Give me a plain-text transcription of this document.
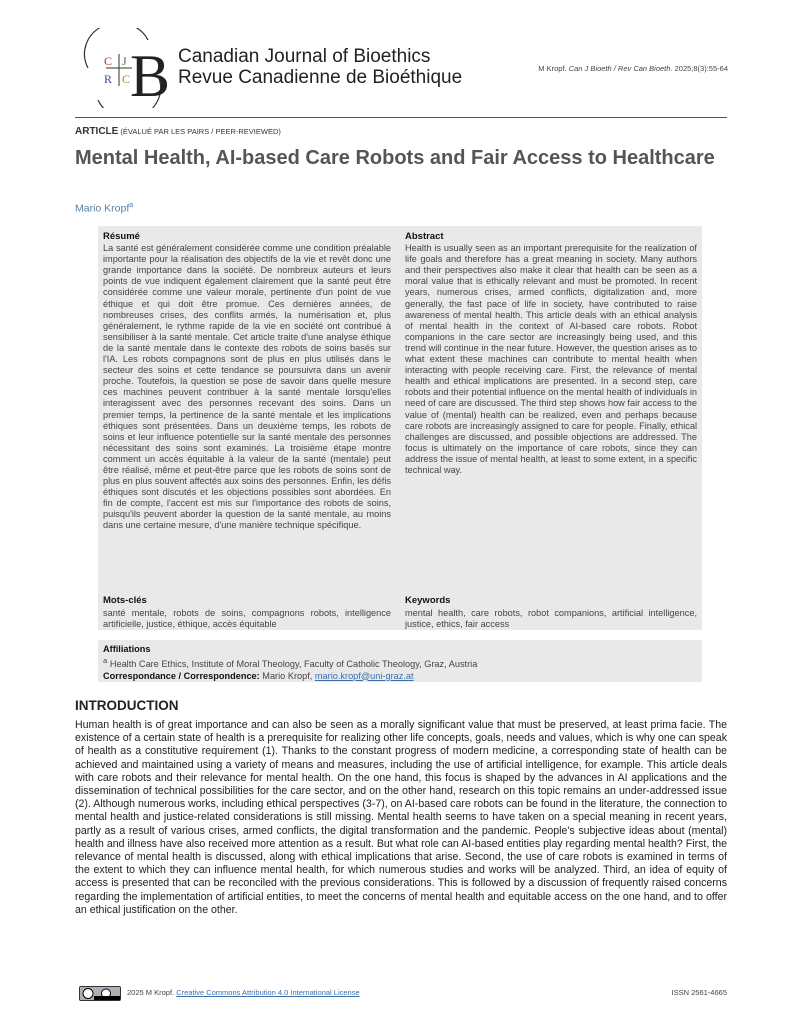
C J
R C B Canadian Journal of Bioethics
Revue Canadienne de Bioéthique	M Kropf. Can J Bioeth / Rev Can Bioeth. 2025;8(3):55-64
ARTICLE (ÉVALUÉ PAR LES PAIRS / PEER-REVIEWED)
Mental Health, AI-based Care Robots and Fair Access to Healthcare
Mario Kropf$^a$
Résumé
La santé est généralement considérée comme une condition préalable importante pour la réalisation des objectifs de la vie et revêt donc une grande importance dans la société. De nombreux auteurs et leurs points de vue indiquent également clairement que la santé peut être considérée comme une valeur morale, pertinente d'un point de vue éthique et qui doit être promue. Ces dernières années, de nombreuses crises, des conflits armés, la numérisation et, plus généralement, le rythme rapide de la vie en société ont contribué à sensibiliser à la santé mentale. Cet article traite d'une analyse éthique de la santé mentale dans le contexte des robots de soins basés sur l'IA. Les robots compagnons sont de plus en plus utilisés dans le secteur des soins et cette tendance se poursuivra dans un avenir proche. Toutefois, la question se pose de savoir dans quelle mesure ces machines peuvent contribuer à la santé mentale lorsqu'elles interagissent avec des personnes recevant des soins. Dans un premier temps, la pertinence de la santé mentale et les implications éthiques sont présentées. Dans un deuxième temps, les robots de soins et leur influence potentielle sur la santé mentale des personnes nécessitant des soins sont examinés. La troisième étape montre comment un accès équitable à la valeur de la santé (mentale) peut être réalisé, même et peut-être parce que les robots de soins sont de plus en plus souvent affectés aux soins des personnes. Enfin, les défis éthiques sont discutés et les objections possibles sont abordées. En fin de compte, l'accent est mis sur l'importance des robots de soins, puisqu'ils peuvent aborder la question de la santé mentale, au moins dans une certaine mesure, d'une manière technique spécifique.
Abstract
Health is usually seen as an important prerequisite for the realization of life goals and therefore has a great meaning in society. Many authors and their perspectives also make it clear that health can be seen as a moral value that is ethically relevant and must be promoted. In recent years, numerous crises, armed conflicts, digitalization and, more generally, the fast pace of life in society, have contributed to raise awareness of mental health. This article deals with an ethical analysis of mental health in the context of AI-based care robots. Robot companions in the care sector are increasingly being used, and this trend will continue in the near future. However, the question arises as to what extent these machines can contribute to mental health when interacting with people receiving care. First, the relevance of mental health and ethical implications are presented. In a second step, care robots and their potential influence on the mental health of individuals in need of care are discussed. The third step shows how fair access to the value of (mental) health can be realized, even and perhaps because care robots are increasingly assigned to care for people. Finally, ethical challenges are discussed, and possible objections are addressed. The focus is ultimately on the importance of care robots, since they can address the issue of mental health, at least to some extent, in a specific technical way.
Mots-clés
santé mentale, robots de soins, compagnons robots, intelligence artificielle, justice, éthique, accès équitable
Keywords
mental health, care robots, robot companions, artificial intelligence, justice, ethics, fair access
Affiliations
$^a$ Health Care Ethics, Institute of Moral Theology, Faculty of Catholic Theology, Graz, Austria
Correspondance / Correspondence: Mario Kropf, mario.kropf@uni-graz.at
INTRODUCTION
Human health is of great importance and can also be seen as a morally significant value that must be preserved, at least prima facie. The existence of a certain state of health is a prerequisite for realizing other life concepts, goals, needs and values, which is why one can speak of health as a constitutive requirement (1). Thanks to the constant progress of modern medicine, a corresponding state of health can be achieved and maintained using a variety of means and measures, including the use of artificial intelligence, for example. This article deals with care robots and their relevance for mental health. On the one hand, this focus is shaped by the advances in AI applications and the dissemination of technical possibilities for the care sector, and on the other hand, research on this topic remains an under-addressed issue (2). Although numerous works, including ethical perspectives (3-7), on AI-based care robots can be found in the literature, the connection to mental health and justice-related considerations is still missing. Mental health seems to have taken on a special meaning in recent years, partly as a result of various crises, armed conflicts, the digital transformation and the pandemic. People's subjective ideas about (mental) health and illness have also received more attention as a result. But what role can AI-based entities play regarding mental health? First, the relevance of mental health is discussed, along with ethical implications that arise. Second, the use of care robots is examined in terms of the extent to which they can influence mental health, for which numerous studies and works will be analyzed. Third, an idea of equity of access is presented that can be reconciled with the previous considerations. This is followed by a discussion of frequently raised concerns regarding the implementation of artificial entities, to meet the concerns of mental health and equitable access on the one hand, and to offer an ethical justification on the other.
2025 M Kropf. Creative Commons Attribution 4.0 International License	ISSN 2561-4665
